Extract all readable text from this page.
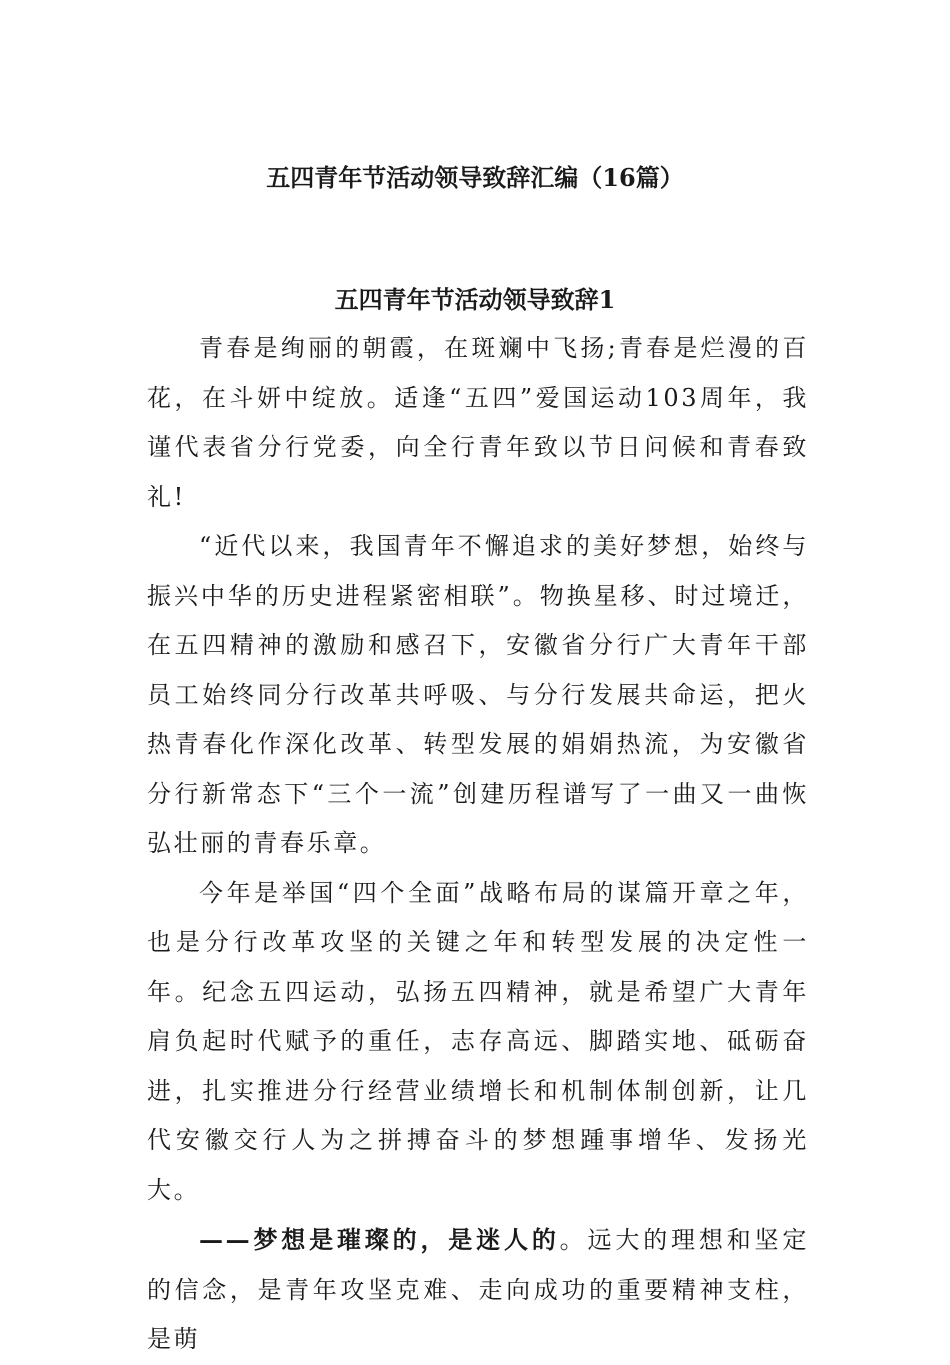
五四青年节活动领导致辞汇编（16篇）
五四青年节活动领导致辞1

青春是绚丽的朝霞，在斑斓中飞扬;青春是烂漫的百花，在斗妍中绽放。适逢“五四”爱国运动103周年，我谨代表省分行党委，向全行青年致以节日问候和青春致礼!

“近代以来，我国青年不懈追求的美好梦想，始终与振兴中华的历史进程紧密相联”。物换星移、时过境迁，在五四精神的激励和感召下，安徽省分行广大青年干部员工始终同分行改革共呼吸、与分行发展共命运，把火热青春化作深化改革、转型发展的娟娟热流，为安徽省分行新常态下“三个一流”创建历程谱写了一曲又一曲恢弘壮丽的青春乐章。

今年是举国“四个全面”战略布局的谋篇开章之年，也是分行改革攻坚的关键之年和转型发展的决定性一年。纪念五四运动，弘扬五四精神，就是希望广大青年肩负起时代赋予的重任，志存高远、脚踏实地、砥砺奋进，扎实推进分行经营业绩增长和机制体制创新，让几代安徽交行人为之拼搏奋斗的梦想踵事增华、发扬光大。

——梦想是璀璨的，是迷人的。远大的理想和坚定的信念，是青年攻坚克难、走向成功的重要精神支柱，是萌
